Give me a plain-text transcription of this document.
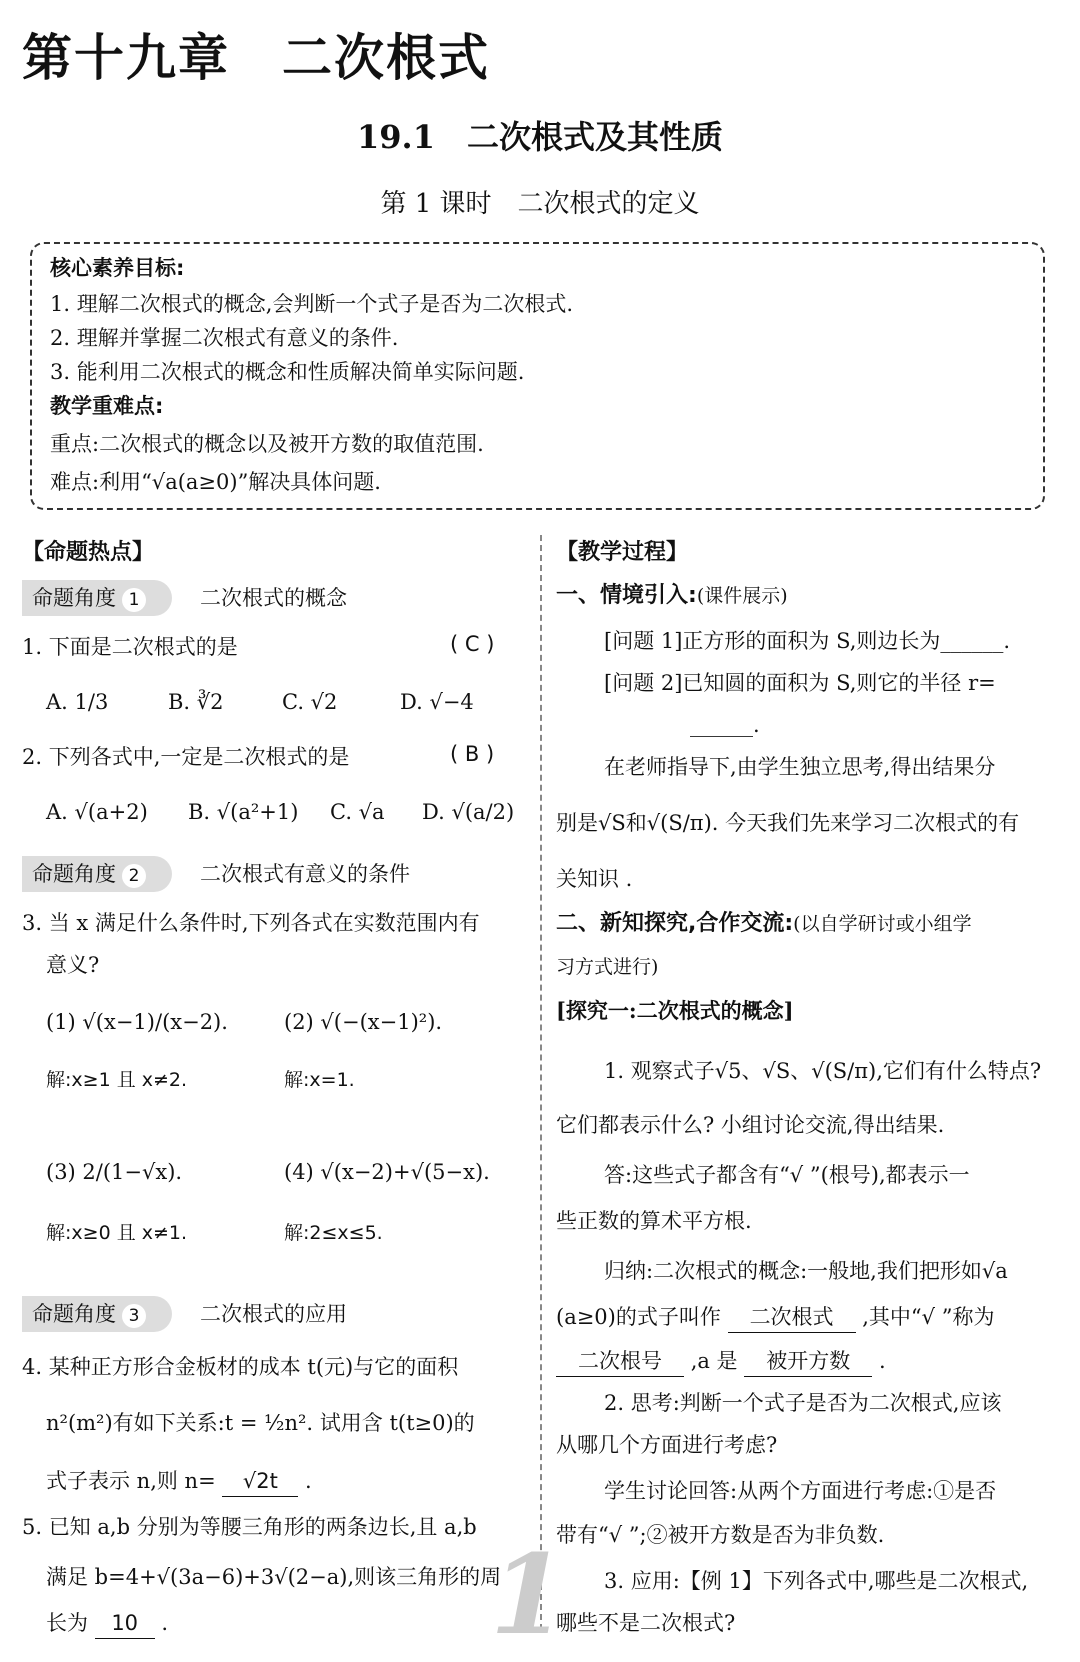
第十九章　二次根式
19.1　二次根式及其性质
第 1 课时　二次根式的定义
核心素养目标:
1. 理解二次根式的概念,会判断一个式子是否为二次根式.
2. 理解并掌握二次根式有意义的条件.
3. 能利用二次根式的概念和性质解决简单实际问题.
教学重难点:
重点:二次根式的概念以及被开方数的取值范围.
难点:利用“√a(a≥0)”解决具体问题.
【命题热点】
命题角度 1	二次根式的概念
1. 下面是二次根式的是	( C )
A. 1/3	B. ∛2	C. √2	D. √−4
2. 下列各式中,一定是二次根式的是	( B )
A. √(a+2) B. √(a²+1) C. √a D. √(a/2)
命题角度 2	二次根式有意义的条件
3. 当 x 满足什么条件时,下列各式在实数范围内有
意义?
(1) √(x−1)/(x−2).	(2) √(−(x−1)²).
解:x≥1 且 x≠2.	解:x=1.
(3) 2/(1−√x).	(4) √(x−2)+√(5−x).
解:x≥0 且 x≠1.	解:2≤x≤5.
命题角度 3	二次根式的应用
4. 某种正方形合金板材的成本 t(元)与它的面积
n²(m²)有如下关系:t = ½n². 试用含 t(t≥0)的
式子表示 n,则 n= √2t .
5. 已知 a,b 分别为等腰三角形的两条边长,且 a,b
满足 b=4+√(3a−6)+3√(2−a),则该三角形的周
长为 10 .	1
【教学过程】
一、情境引入:(课件展示)
[问题 1]正方形的面积为 S,则边长为______.
[问题 2]已知圆的面积为 S,则它的半径 r=
______.
在老师指导下,由学生独立思考,得出结果分
别是√S和√(S/π). 今天我们先来学习二次根式的有
关知识 .
二、新知探究,合作交流:(以自学研讨或小组学
习方式进行)
[探究一:二次根式的概念]
1. 观察式子√5、√S、√(S/π),它们有什么特点?
它们都表示什么? 小组讨论交流,得出结果.
答:这些式子都含有“√ ”(根号),都表示一
些正数的算术平方根.
归纳:二次根式的概念:一般地,我们把形如√a
(a≥0)的式子叫作 二次根式 ,其中“√ ”称为
二次根号 ,a 是 被开方数 .
2. 思考:判断一个式子是否为二次根式,应该
从哪几个方面进行考虑?
学生讨论回答:从两个方面进行考虑:①是否
带有“√ ”;②被开方数是否为非负数.
3. 应用:【例 1】下列各式中,哪些是二次根式,
哪些不是二次根式?
